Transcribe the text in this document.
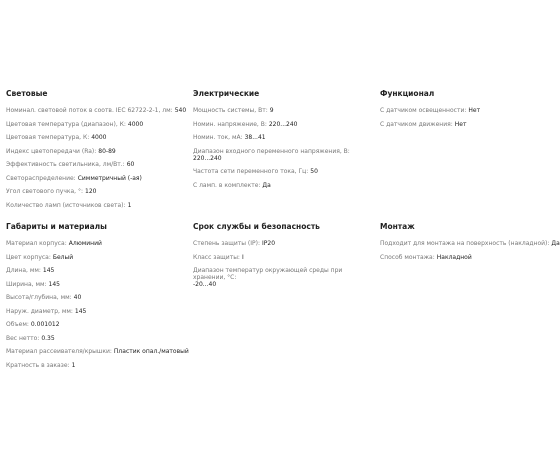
Световые
Номинал. световой поток в соотв. IEC 62722-2-1, лм: 540
Цветовая температура (диапазон), К: 4000
Цветовая температура, К: 4000
Индекс цветопередачи (Ra): 80-89
Эффективность светильника, лм/Вт.: 60
Светораспределение: Симметричный (-ая)
Угол светового пучка, °: 120
Количество ламп (источников света): 1
Электрические
Мощность системы, Вт: 9
Номин. напряжение, В: 220...240
Номин. ток, мА: 38...41
Диапазон входного переменного напряжения, В:
220...240
Частота сети переменного тока, Гц: 50
С ламп. в комплекте: Да
Функционал
С датчиком освещенности: Нет
С датчиком движения: Нет
Габариты и материалы
Материал корпуса: Алюминий
Цвет корпуса: Белый
Длина, мм: 145
Ширина, мм: 145
Высота/глубина, мм: 40
Наруж. диаметр, мм: 145
Объем: 0.001012
Вес нетто: 0.35
Материал рассеивателя/крышки: Пластик опал./матовый
Кратность в заказе: 1
Срок службы и безопасность
Степень защиты (IP): IP20
Класс защиты: I
Диапазон температур окружающей среды при хранении, °C:
-20...40
Монтаж
Подходит для монтажа на поверхность (накладной): Да
Способ монтажа: Накладной
